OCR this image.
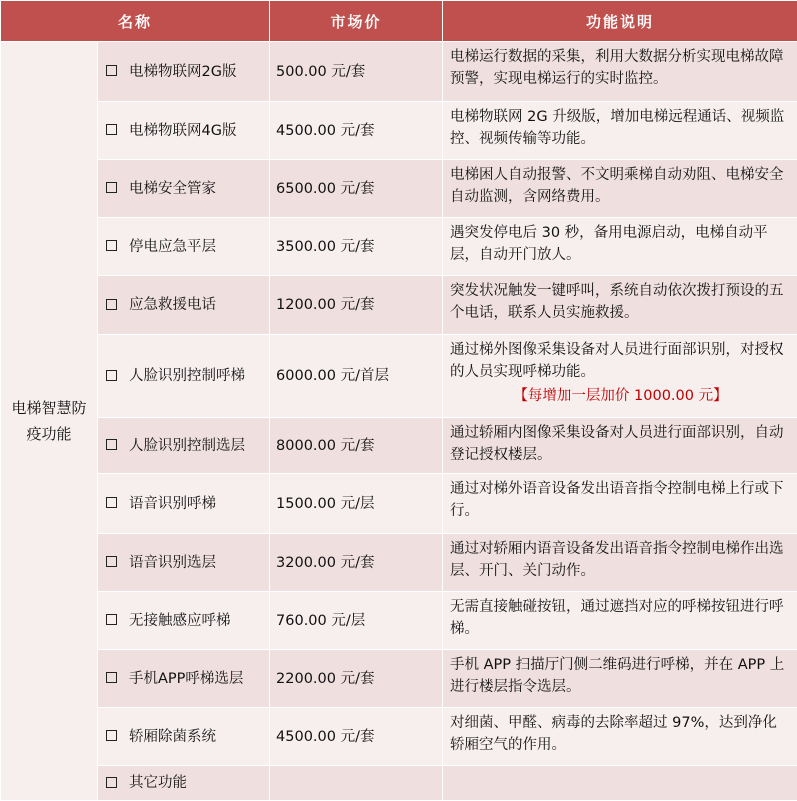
名称		市场价	功能说明
电梯智慧防疫功能	电梯物联网2G版	500.00 元/套	电梯运行数据的采集，利用大数据分析实现电梯故障预警，实现电梯运行的实时监控。
	电梯物联网4G版	4500.00 元/套	电梯物联网 2G 升级版，增加电梯远程通话、视频监控、视频传输等功能。
	电梯安全管家	6500.00 元/套	电梯困人自动报警、不文明乘梯自动劝阻、电梯安全自动监测，含网络费用。
	停电应急平层	3500.00 元/套	遇突发停电后 30 秒，备用电源启动，电梯自动平层，自动开门放人。
	应急救援电话	1200.00 元/套	突发状况触发一键呼叫，系统自动依次拨打预设的五个电话，联系人员实施救援。
	人脸识别控制呼梯	6000.00 元/首层	通过梯外图像采集设备对人员进行面部识别，对授权的人员实现呼梯功能。
【每增加一层加价 1000.00 元】

	人脸识别控制选层	8000.00 元/套	通过轿厢内图像采集设备对人员进行面部识别，自动登记授权楼层。
	语音识别呼梯	1500.00 元/层	通过对梯外语音设备发出语音指令控制电梯上行或下行。
	语音识别选层	3200.00 元/套	通过对轿厢内语音设备发出语音指令控制电梯作出选层、开门、关门动作。
	无接触感应呼梯	760.00 元/层	无需直接触碰按钮，通过遮挡对应的呼梯按钮进行呼梯。
	手机APP呼梯选层	2200.00 元/套	手机 APP 扫描厅门侧二维码进行呼梯，并在 APP 上进行楼层指令选层。
	轿厢除菌系统	4500.00 元/套	对细菌、甲醛、病毒的去除率超过 97%，达到净化轿厢空气的作用。
	其它功能		
